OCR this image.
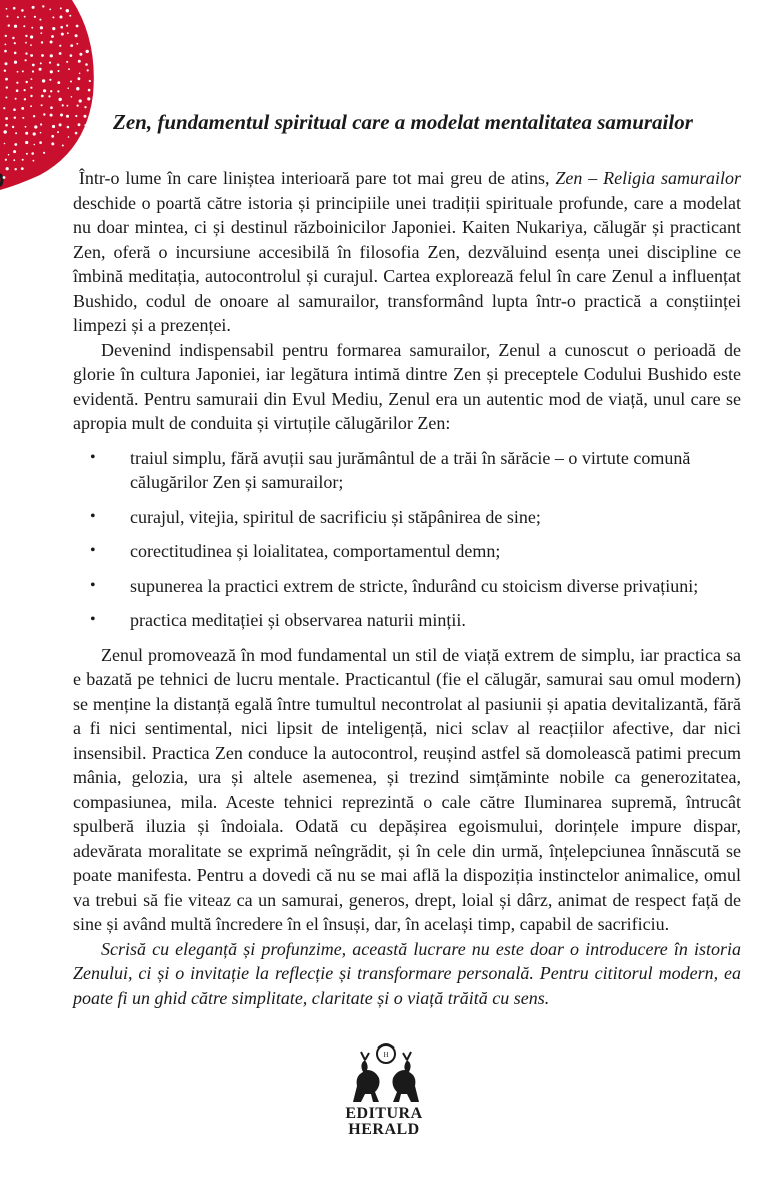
Zen, fundamentul spiritual care a modelat mentalitatea samurailor

Într-o lume în care liniștea interioară pare tot mai greu de atins, Zen – Religia samurailor deschide o poartă către istoria și principiile unei tradiții spirituale profunde, care a modelat nu doar mintea, ci și destinul războinicilor Japoniei. Kaiten Nukariya, călugăr și practicant Zen, oferă o incursiune accesibilă în filosofia Zen, dezvăluind esența unei discipline ce îmbină meditația, autocontrolul și curajul. Cartea explorează felul în care Zenul a influențat Bushido, codul de onoare al samurailor, transformând lupta într-o practică a conștiinței limpezi și a prezenței.

Devenind indispensabil pentru formarea samurailor, Zenul a cunoscut o perioadă de glorie în cultura Japoniei, iar legătura intimă dintre Zen și preceptele Codului Bushido este evidentă. Pentru samuraii din Evul Mediu, Zenul era un autentic mod de viață, unul care se apropia mult de conduita și virtuțile călugărilor Zen:

• traiul simplu, fără avuții sau jurământul de a trăi în sărăcie – o virtute comună călugărilor Zen și samurailor;
• curajul, vitejia, spiritul de sacrificiu și stăpânirea de sine;
• corectitudinea și loialitatea, comportamentul demn;
• supunerea la practici extrem de stricte, îndurând cu stoicism diverse privațiuni;
• practica meditației și observarea naturii minții.

Zenul promovează în mod fundamental un stil de viață extrem de simplu, iar practica sa e bazată pe tehnici de lucru mentale. Practicantul (fie el călugăr, samurai sau omul modern) se menține la distanță egală între tumultul necontrolat al pasiunii și apatia devitalizantă, fără a fi nici sentimental, nici lipsit de inteligență, nici sclav al reacțiilor afective, dar nici insensibil. Practica Zen conduce la autocontrol, reușind astfel să domolească patimi precum mânia, gelozia, ura și altele asemenea, și trezind simțăminte nobile ca generozitatea, compasiunea, mila. Aceste tehnici reprezintă o cale către Iluminarea supremă, întrucât spulberă iluzia și îndoiala. Odată cu depășirea egoismului, dorințele impure dispar, adevărata moralitate se exprimă neîngrădit, și în cele din urmă, înțelepciunea înnăscută se poate manifesta. Pentru a dovedi că nu se mai află la dispoziția instinctelor animalice, omul va trebui să fie viteaz ca un samurai, generos, drept, loial și dârz, animat de respect față de sine și având multă încredere în el însuși, dar, în același timp, capabil de sacrificiu.

Scrisă cu eleganță și profunzime, această lucrare nu este doar o introducere în istoria Zenului, ci și o invitație la reflecție și transformare personală. Pentru cititorul modern, ea poate fi un ghid către simplitate, claritate și o viață trăită cu sens.

H
EDITURA
HERALD
